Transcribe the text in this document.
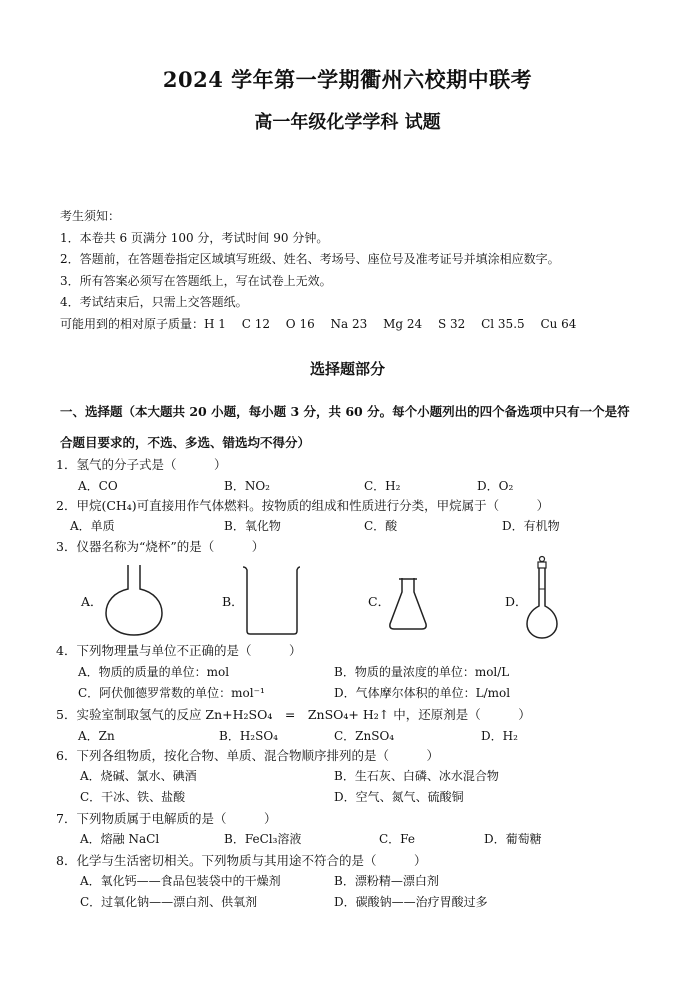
2024 学年第一学期衢州六校期中联考
高一年级化学学科 试题
考生须知：
1．本卷共 6 页满分 100 分，考试时间 90 分钟。
2．答题前，在答题卷指定区域填写班级、姓名、考场号、座位号及准考证号并填涂相应数字。
3．所有答案必须写在答题纸上，写在试卷上无效。
4．考试结束后，只需上交答题纸。
可能用到的相对原子质量：H 1　 C 12　 O 16　 Na 23　 Mg 24　 S 32　 Cl 35.5　 Cu 64
选择题部分
一、选择题（本大题共 20 小题，每小题 3 分，共 60 分。每个小题列出的四个备选项中只有一个是符合题目要求的，不选、多选、错选均不得分）
1．氢气的分子式是（　　　）
A．CO	B．NO₂	C．H₂	D．O₂
2．甲烷(CH₄)可直接用作气体燃料。按物质的组成和性质进行分类，甲烷属于（　　　）
A．单质	B．氧化物	C．酸	D．有机物
3．仪器名称为“烧杯”的是（　　　）
A．	B．	C．	D．
4．下列物理量与单位不正确的是（　　　）
A．物质的质量的单位：mol	B．物质的量浓度的单位：mol/L
C．阿伏伽德罗常数的单位：mol⁻¹	D．气体摩尔体积的单位：L/mol
5．实验室制取氢气的反应 Zn+H₂SO₄　=　ZnSO₄+ H₂↑ 中，还原剂是（　　　）
A．Zn	B．H₂SO₄	C．ZnSO₄	D．H₂
6．下列各组物质，按化合物、单质、混合物顺序排列的是（　　　）
A．烧碱、氯水、碘酒	B．生石灰、白磷、冰水混合物
C．干冰、铁、盐酸	D．空气、氮气、硫酸铜
7．下列物质属于电解质的是（　　　）
A．熔融 NaCl	B．FeCl₃溶液	C．Fe	D．葡萄糖
8．化学与生活密切相关。下列物质与其用途不符合的是（　　　）
A．氧化钙——食品包装袋中的干燥剂	B．漂粉精—漂白剂
C．过氧化钠——漂白剂、供氧剂	D．碳酸钠——治疗胃酸过多
